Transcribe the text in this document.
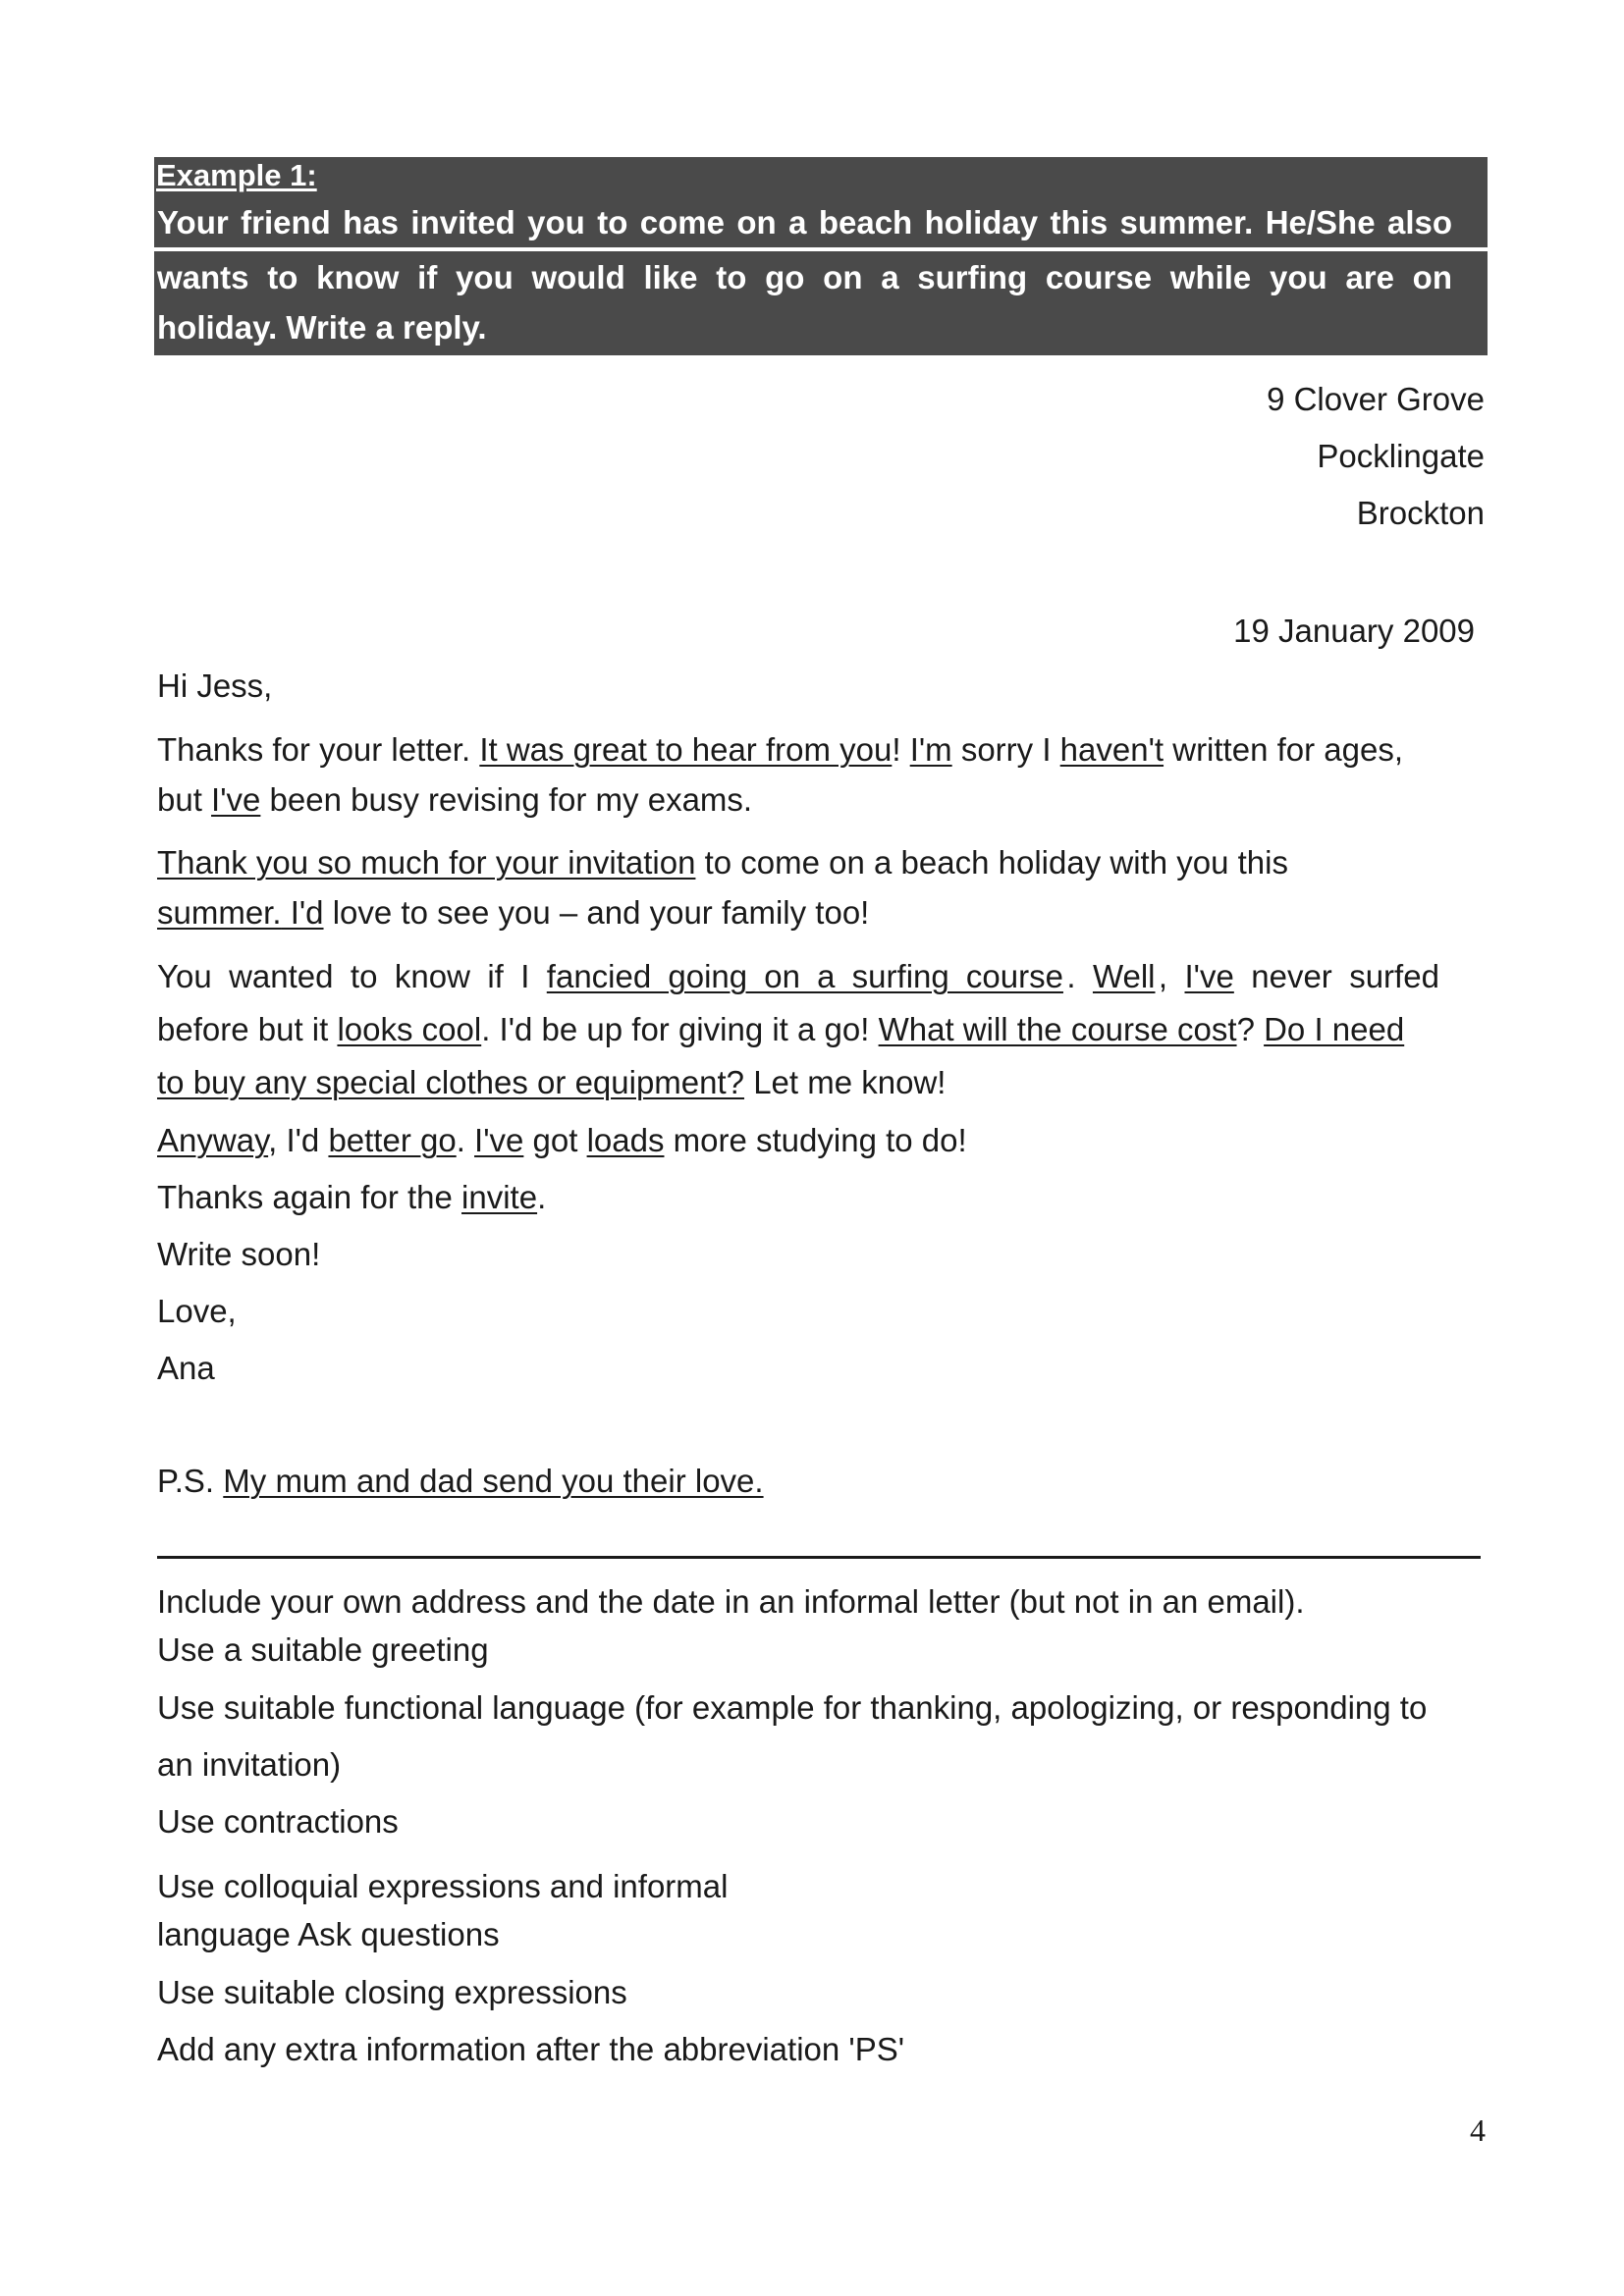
Example 1:
Your friend has invited you to come on a beach holiday this summer. He/She also
wants to know if you would like to go on a surfing course while you are on
holiday. Write a reply.
9 Clover Grove
Pocklingate
Brockton
19 January 2009
Hi Jess,
Thanks for your letter. It was great to hear from you! I'm sorry I haven't written for ages,
but I've been busy revising for my exams.
Thank you so much for your invitation to come on a beach holiday with you this
summer. I'd love to see you – and your family too!
You wanted to know if I fancied going on a surfing course . Well , I've never surfed
before but it looks cool. I'd be up for giving it a go! What will the course cost? Do I need
to buy any special clothes or equipment? Let me know!
Anyway, I'd better go. I've got loads more studying to do!
Thanks again for the invite.
Write soon!
Love,
Ana
P.S. My mum and dad send you their love.
Include your own address and the date in an informal letter (but not in an email).
Use a suitable greeting
Use suitable functional language (for example for thanking, apologizing, or responding to
an invitation)
Use contractions
Use colloquial expressions and informal
language Ask questions
Use suitable closing expressions
Add any extra information after the abbreviation 'PS'
4
